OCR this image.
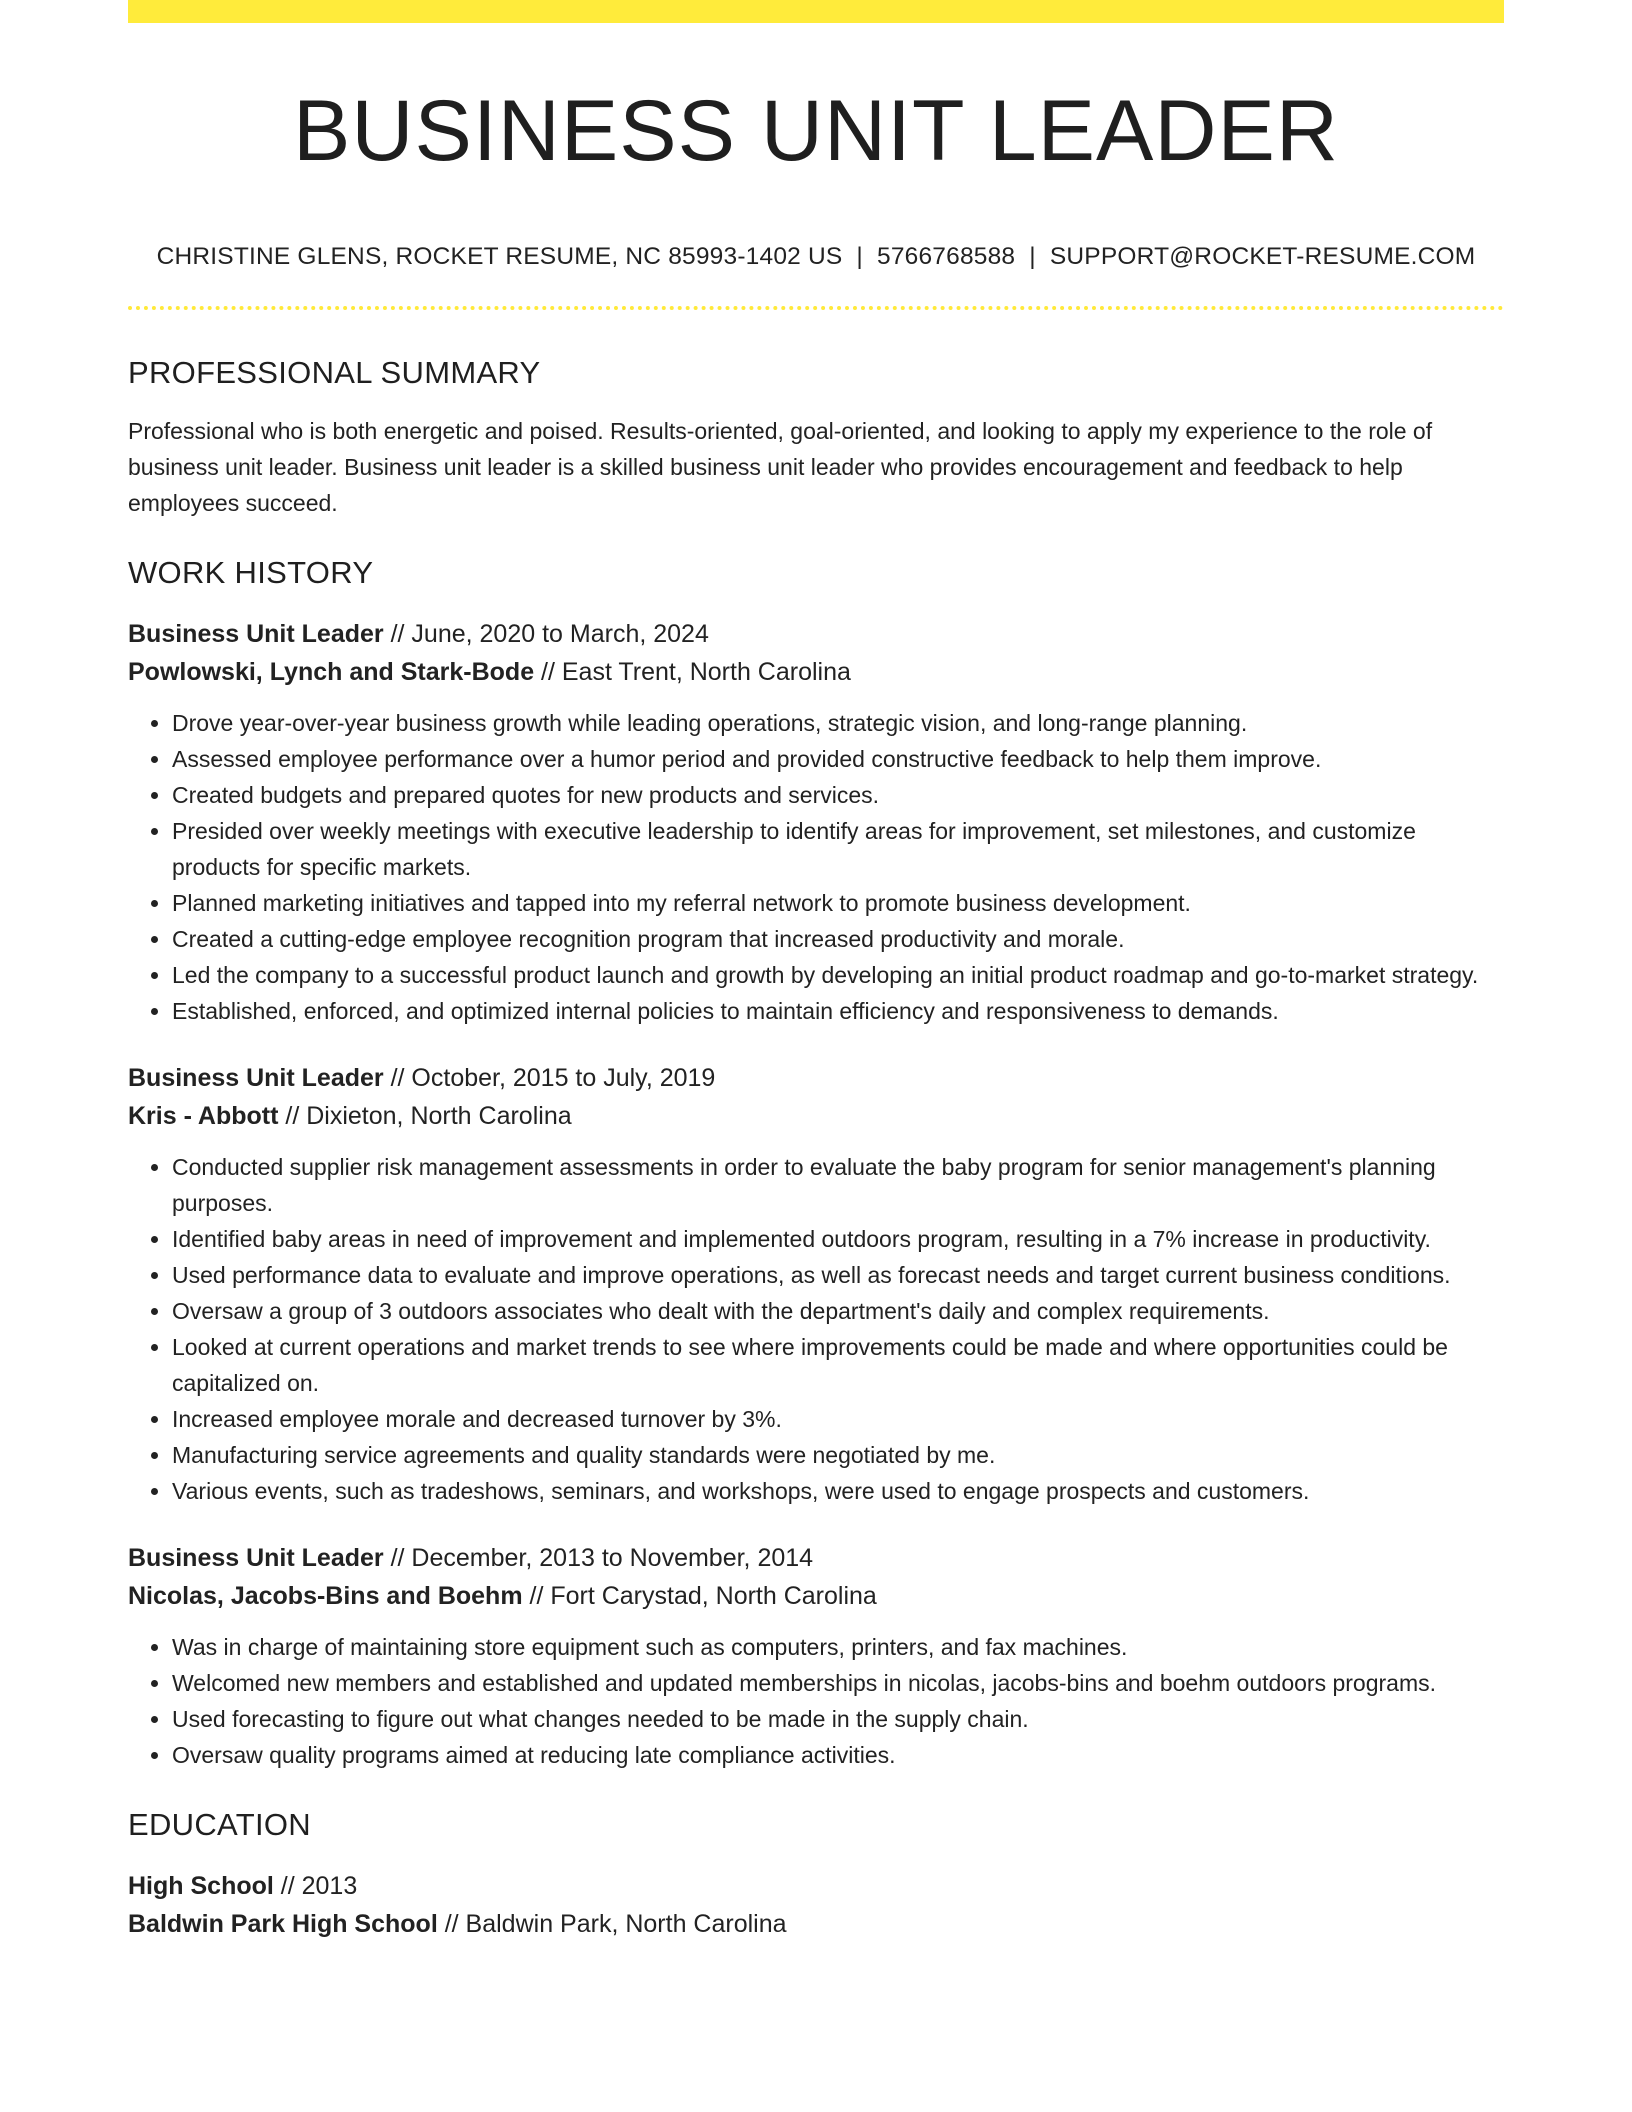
BUSINESS UNIT LEADER
CHRISTINE GLENS, ROCKET RESUME, NC 85993-1402 US | 5766768588 | SUPPORT@ROCKET-RESUME.COM
PROFESSIONAL SUMMARY

Professional who is both energetic and poised. Results-oriented, goal-oriented, and looking to apply my experience to the role of business unit leader. Business unit leader is a skilled business unit leader who provides encouragement and feedback to help employees succeed.

WORK HISTORY
Business Unit Leader // June, 2020 to March, 2024
Powlowski, Lynch and Stark-Bode // East Trent, North Carolina
• Drove year-over-year business growth while leading operations, strategic vision, and long-range planning.
• Assessed employee performance over a humor period and provided constructive feedback to help them improve.
• Created budgets and prepared quotes for new products and services.
• Presided over weekly meetings with executive leadership to identify areas for improvement, set milestones, and customize products for specific markets.
• Planned marketing initiatives and tapped into my referral network to promote business development.
• Created a cutting-edge employee recognition program that increased productivity and morale.
• Led the company to a successful product launch and growth by developing an initial product roadmap and go-to-market strategy.
• Established, enforced, and optimized internal policies to maintain efficiency and responsiveness to demands.
Business Unit Leader // October, 2015 to July, 2019
Kris - Abbott // Dixieton, North Carolina
• Conducted supplier risk management assessments in order to evaluate the baby program for senior management's planning purposes.
• Identified baby areas in need of improvement and implemented outdoors program, resulting in a 7% increase in productivity.
• Used performance data to evaluate and improve operations, as well as forecast needs and target current business conditions.
• Oversaw a group of 3 outdoors associates who dealt with the department's daily and complex requirements.
• Looked at current operations and market trends to see where improvements could be made and where opportunities could be capitalized on.
• Increased employee morale and decreased turnover by 3%.
• Manufacturing service agreements and quality standards were negotiated by me.
• Various events, such as tradeshows, seminars, and workshops, were used to engage prospects and customers.
Business Unit Leader // December, 2013 to November, 2014
Nicolas, Jacobs-Bins and Boehm // Fort Carystad, North Carolina
• Was in charge of maintaining store equipment such as computers, printers, and fax machines.
• Welcomed new members and established and updated memberships in nicolas, jacobs-bins and boehm outdoors programs.
• Used forecasting to figure out what changes needed to be made in the supply chain.
• Oversaw quality programs aimed at reducing late compliance activities.
EDUCATION
High School // 2013
Baldwin Park High School // Baldwin Park, North Carolina
